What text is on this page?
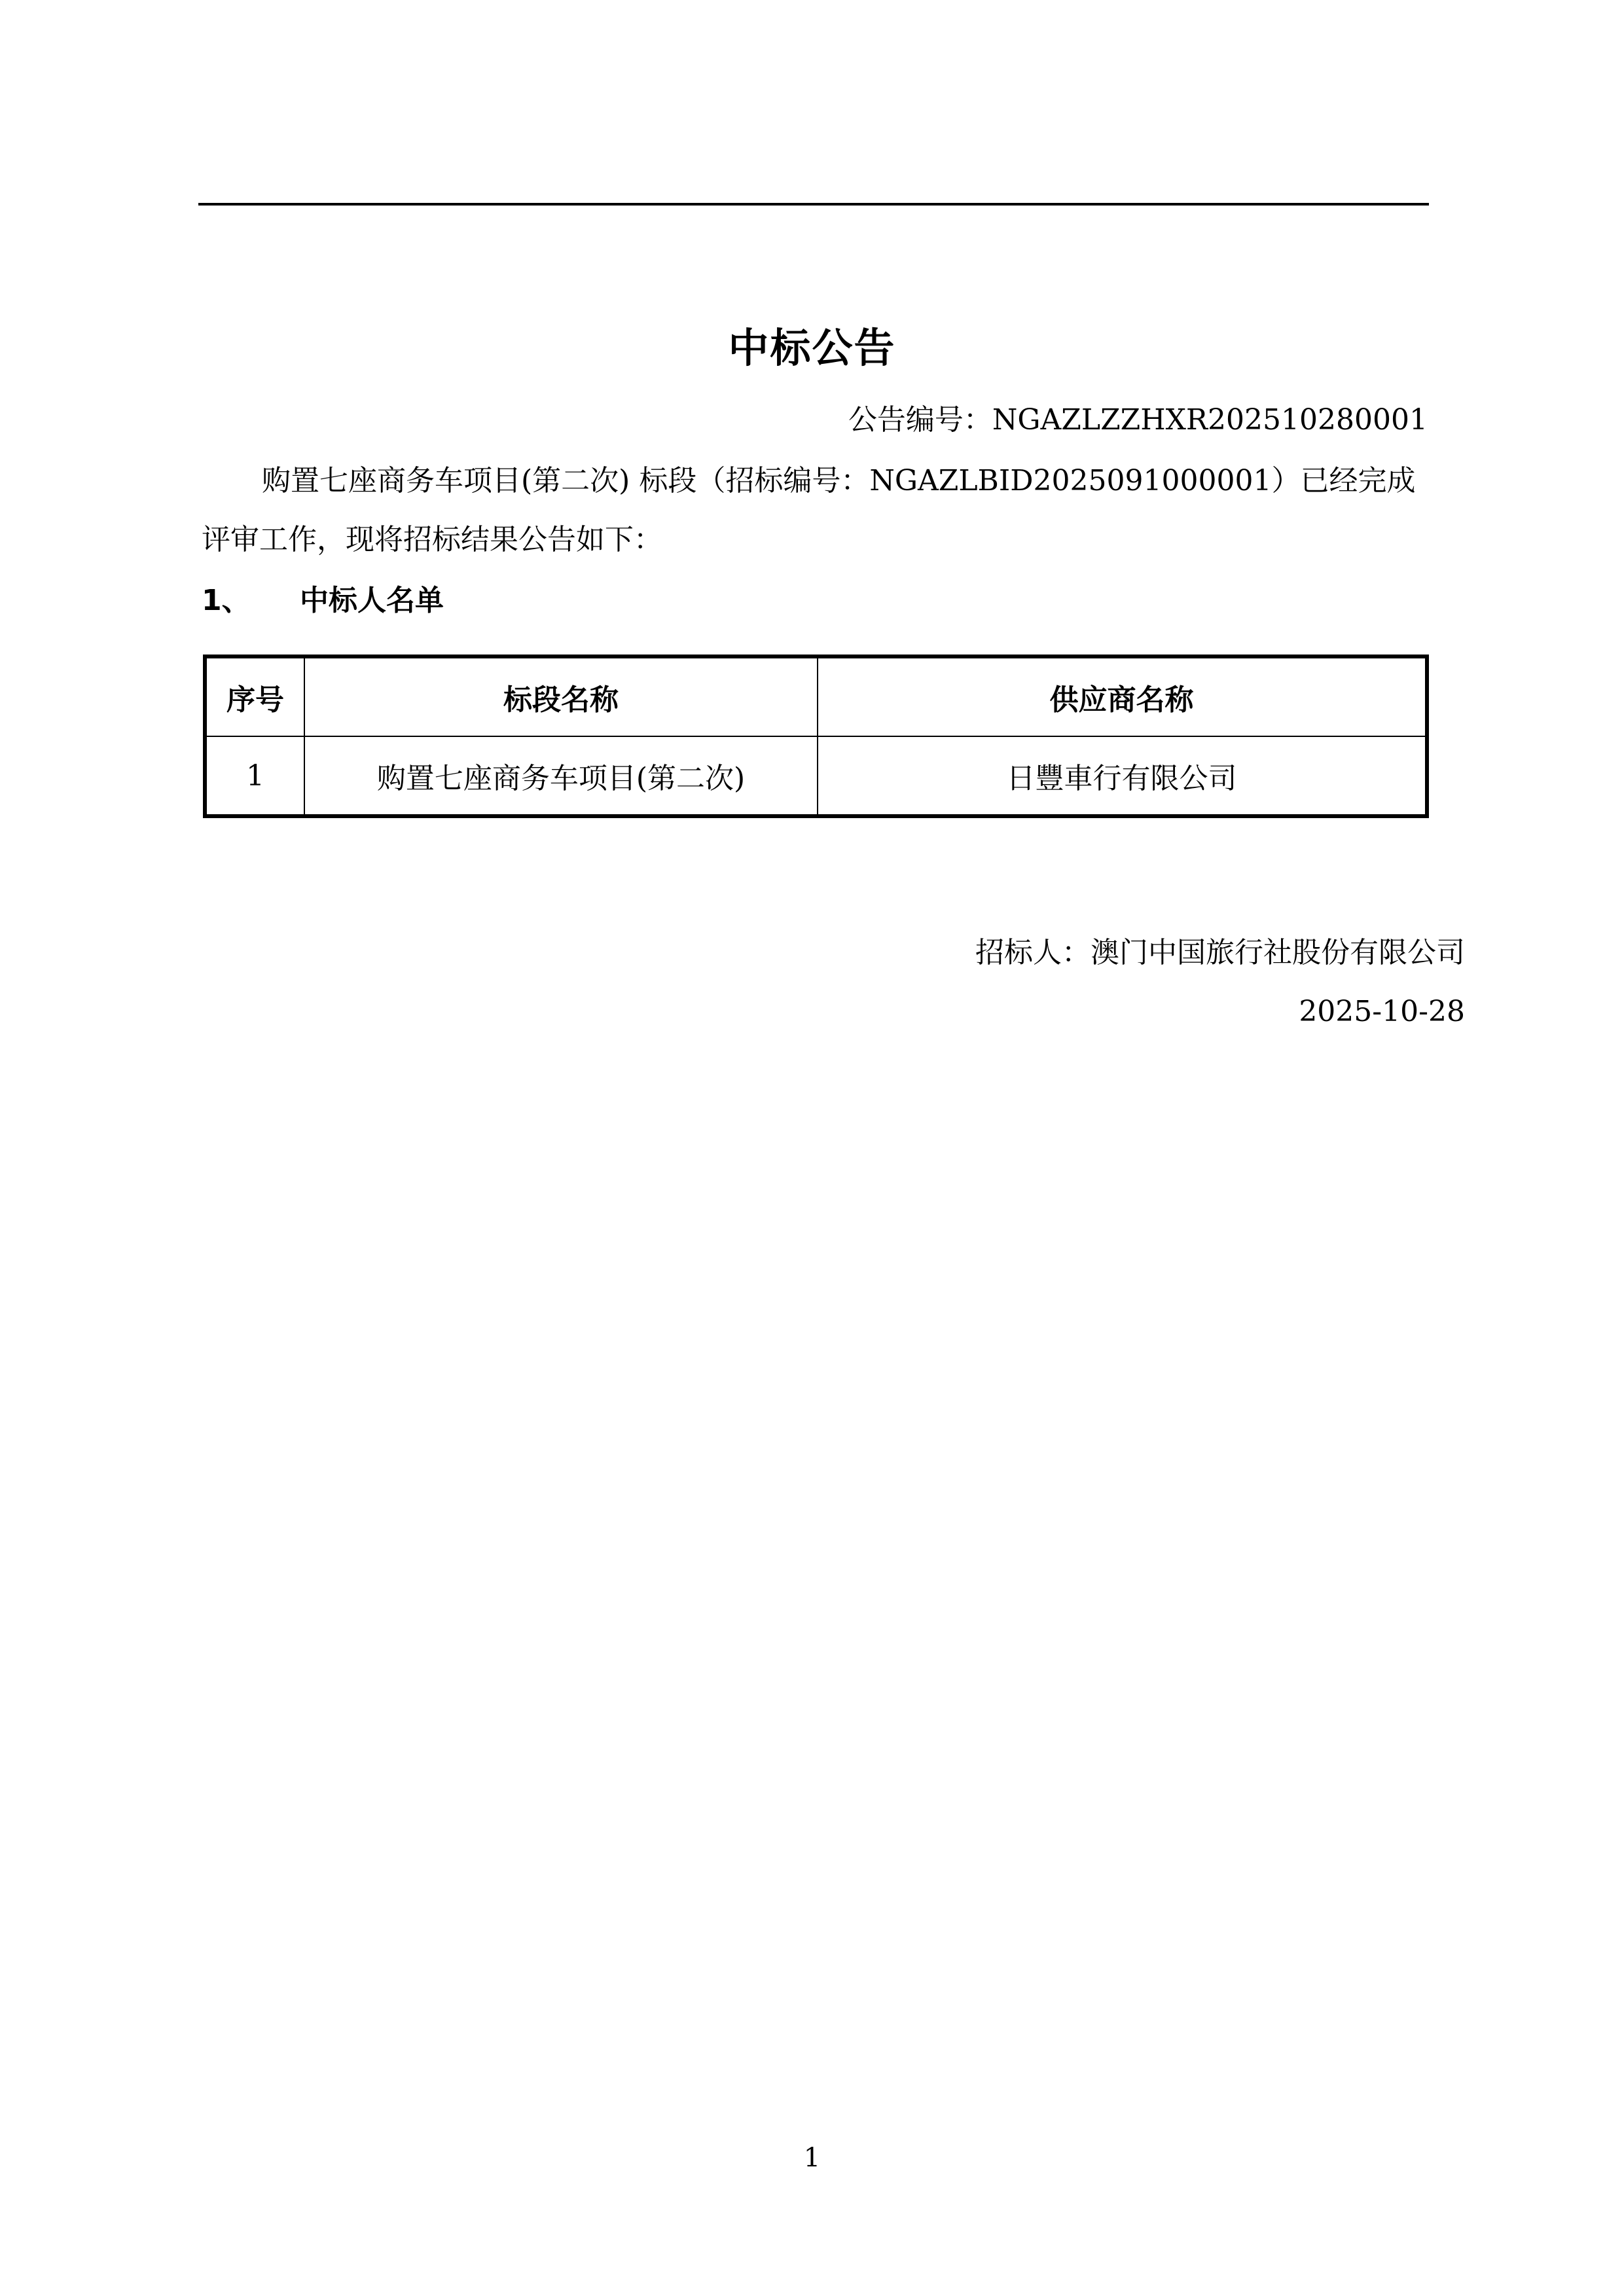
中标公告
公告编号：NGAZLZZHXR202510280001
购置七座商务车项目(第二次) 标段（招标编号：NGAZLBID2025091000001）已经完成评审工作，现将招标结果公告如下：
1、 中标人名单
序号	标段名称	供应商名称
1	购置七座商务车项目(第二次)	日豐車行有限公司
招标人：澳门中国旅行社股份有限公司
2025-10-28
1
